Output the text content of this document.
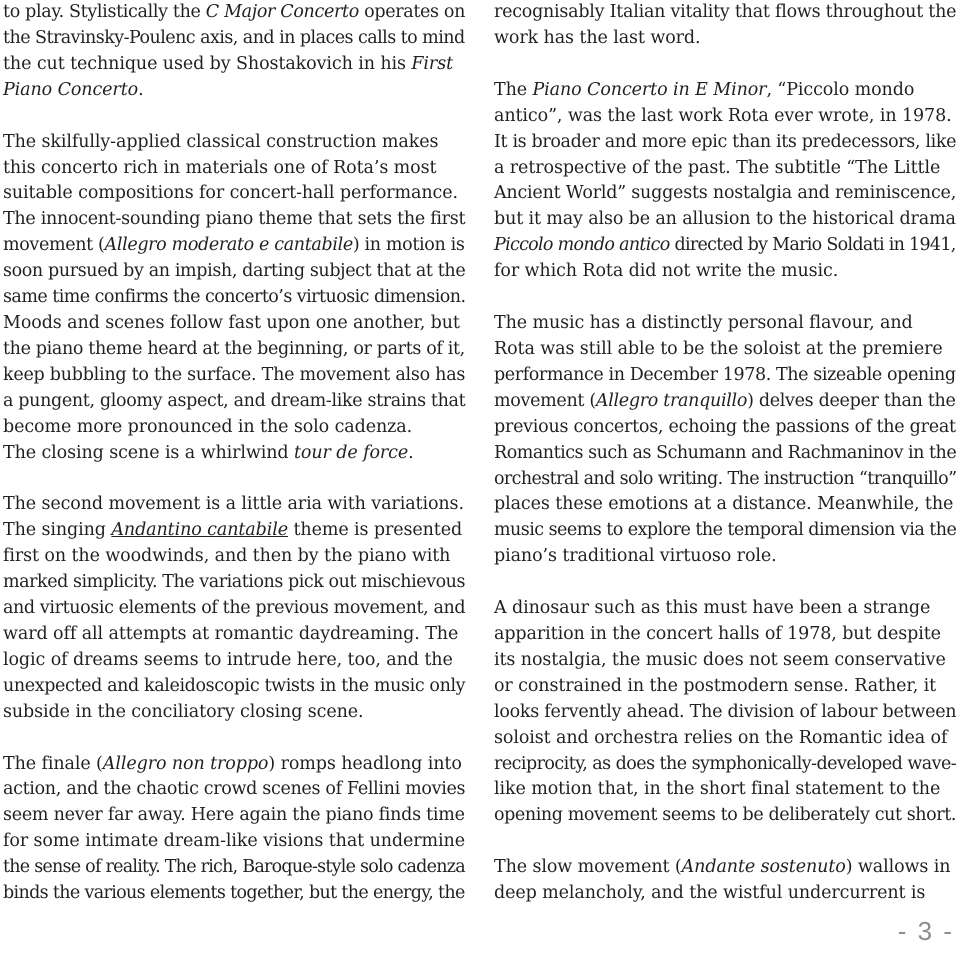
to play. Stylistically the C Major Concerto operates on
the Stravinsky-Poulenc axis, and in places calls to mind
the cut technique used by Shostakovich in his First
Piano Concerto.

The skilfully-applied classical construction makes
this concerto rich in materials one of Rota’s most
suitable compositions for concert-hall performance.
The innocent-sounding piano theme that sets the first
movement (Allegro moderato e cantabile) in motion is
soon pursued by an impish, darting subject that at the
same time confirms the concerto’s virtuosic dimension.
Moods and scenes follow fast upon one another, but
the piano theme heard at the beginning, or parts of it,
keep bubbling to the surface. The movement also has
a pungent, gloomy aspect, and dream-like strains that
become more pronounced in the solo cadenza.
The closing scene is a whirlwind tour de force.

The second movement is a little aria with variations.
The singing Andantino cantabile theme is presented
first on the woodwinds, and then by the piano with
marked simplicity. The variations pick out mischievous
and virtuosic elements of the previous movement, and
ward off all attempts at romantic daydreaming. The
logic of dreams seems to intrude here, too, and the
unexpected and kaleidoscopic twists in the music only
subside in the conciliatory closing scene.

The finale (Allegro non troppo) romps headlong into
action, and the chaotic crowd scenes of Fellini movies
seem never far away. Here again the piano finds time
for some intimate dream-like visions that undermine
the sense of reality. The rich, Baroque-style solo cadenza
binds the various elements together, but the energy, the

recognisably Italian vitality that flows throughout the
work has the last word.

The Piano Concerto in E Minor, “Piccolo mondo
antico”, was the last work Rota ever wrote, in 1978.
It is broader and more epic than its predecessors, like
a retrospective of the past. The subtitle “The Little
Ancient World” suggests nostalgia and reminiscence,
but it may also be an allusion to the historical drama
Piccolo mondo antico directed by Mario Soldati in 1941,
for which Rota did not write the music.

The music has a distinctly personal flavour, and
Rota was still able to be the soloist at the premiere
performance in December 1978. The sizeable opening
movement (Allegro tranquillo) delves deeper than the
previous concertos, echoing the passions of the great
Romantics such as Schumann and Rachmaninov in the
orchestral and solo writing. The instruction “tranquillo”
places these emotions at a distance. Meanwhile, the
music seems to explore the temporal dimension via the
piano’s traditional virtuoso role.

A dinosaur such as this must have been a strange
apparition in the concert halls of 1978, but despite
its nostalgia, the music does not seem conservative
or constrained in the postmodern sense. Rather, it
looks fervently ahead. The division of labour between
soloist and orchestra relies on the Romantic idea of
reciprocity, as does the symphonically-developed wave-
like motion that, in the short final statement to the
opening movement seems to be deliberately cut short.

The slow movement (Andante sostenuto) wallows in
deep melancholy, and the wistful undercurrent is

- 3 -
